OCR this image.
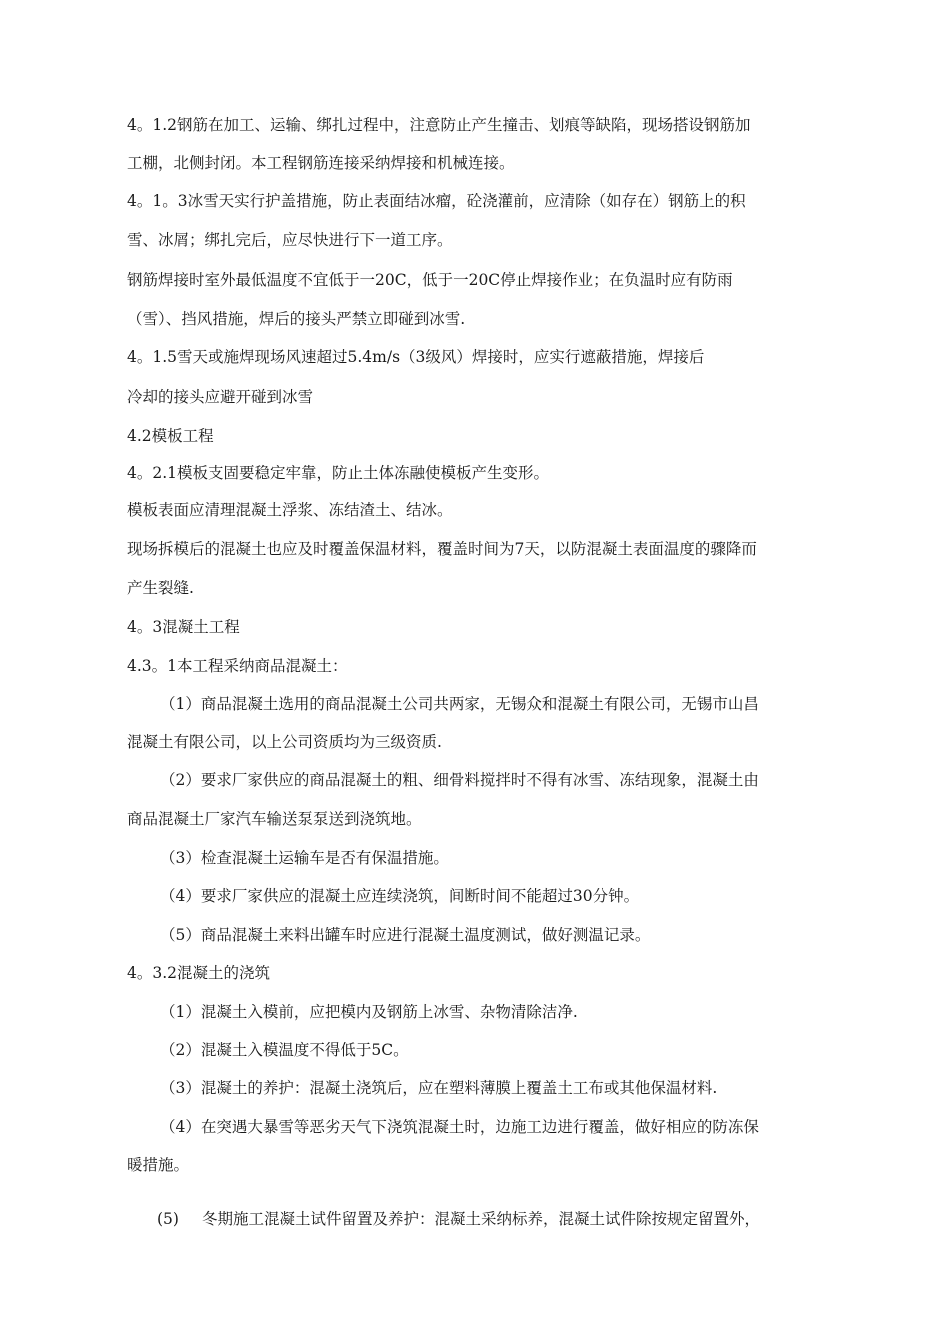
4。1.2钢筋在加工、运输、绑扎过程中，注意防止产生撞击、划痕等缺陷，现场搭设钢筋加
工棚，北侧封闭。本工程钢筋连接采纳焊接和机械连接。
4。1。3冰雪天实行护盖措施，防止表面结冰瘤，砼浇灌前，应清除（如存在）钢筋上的积
雪、冰屑；绑扎完后，应尽快进行下一道工序。
钢筋焊接时室外最低温度不宜低于一20C，低于一20C停止焊接作业；在负温时应有防雨
（雪）、挡风措施，焊后的接头严禁立即碰到冰雪.
4。1.5雪天或施焊现场风速超过5.4m/s（3级风）焊接时，应实行遮蔽措施，焊接后
冷却的接头应避开碰到冰雪
4.2模板工程
4。2.1模板支固要稳定牢靠，防止土体冻融使模板产生变形。
模板表面应清理混凝土浮浆、冻结渣土、结冰。
现场拆模后的混凝土也应及时覆盖保温材料，覆盖时间为7天，以防混凝土表面温度的骤降而
产生裂缝.
4。3混凝土工程
4.3。1本工程采纳商品混凝土：
（1）商品混凝土选用的商品混凝土公司共两家，无锡众和混凝土有限公司，无锡市山昌
混凝土有限公司，以上公司资质均为三级资质.
（2）要求厂家供应的商品混凝土的粗、细骨料搅拌时不得有冰雪、冻结现象，混凝土由
商品混凝土厂家汽车输送泵泵送到浇筑地。
（3）检查混凝土运输车是否有保温措施。
（4）要求厂家供应的混凝土应连续浇筑，间断时间不能超过30分钟。
（5）商品混凝土来料出罐车时应进行混凝土温度测试，做好测温记录。
4。3.2混凝土的浇筑
（1）混凝土入模前，应把模内及钢筋上冰雪、杂物清除洁净.
（2）混凝土入模温度不得低于5C。
（3）混凝土的养护：混凝土浇筑后，应在塑料薄膜上覆盖土工布或其他保温材料.
（4）在突遇大暴雪等恶劣天气下浇筑混凝土时，边施工边进行覆盖，做好相应的防冻保
暖措施。
(5) 冬期施工混凝土试件留置及养护：混凝土采纳标养，混凝土试件除按规定留置外，
